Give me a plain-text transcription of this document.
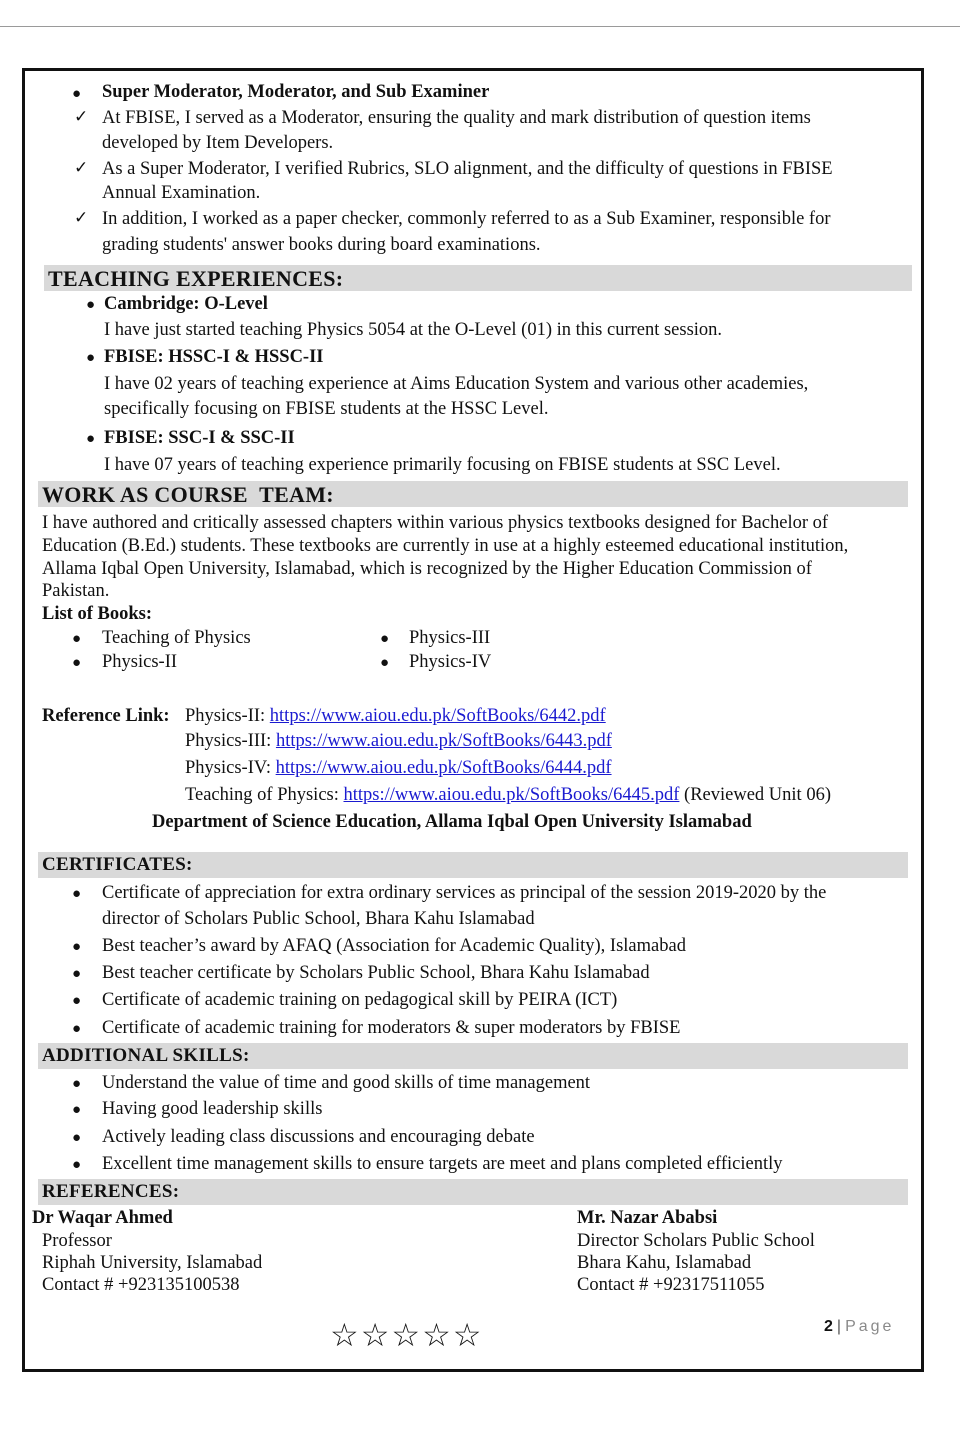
● Super Moderator, Moderator, and Sub Examiner
✓ At FBISE, I served as a Moderator, ensuring the quality and mark distribution of question items
developed by Item Developers.
✓ As a Super Moderator, I verified Rubrics, SLO alignment, and the difficulty of questions in FBISE
Annual Examination.
✓ In addition, I worked as a paper checker, commonly referred to as a Sub Examiner, responsible for
grading students' answer books during board examinations.
TEACHING EXPERIENCES:
● Cambridge: O-Level
I have just started teaching Physics 5054 at the O-Level (01) in this current session.
● FBISE: HSSC-I & HSSC-II
I have 02 years of teaching experience at Aims Education System and various other academies,
specifically focusing on FBISE students at the HSSC Level.
● FBISE: SSC-I & SSC-II
I have 07 years of teaching experience primarily focusing on FBISE students at SSC Level.
WORK AS COURSE  TEAM:
I have authored and critically assessed chapters within various physics textbooks designed for Bachelor of
Education (B.Ed.) students. These textbooks are currently in use at a highly esteemed educational institution,
Allama Iqbal Open University, Islamabad, which is recognized by the Higher Education Commission of
Pakistan.
List of Books:
● Teaching of Physics
● Physics-II
● Physics-III
● Physics-IV
Reference Link: Physics-II: https://www.aiou.edu.pk/SoftBooks/6442.pdf
Physics-III: https://www.aiou.edu.pk/SoftBooks/6443.pdf
Physics-IV: https://www.aiou.edu.pk/SoftBooks/6444.pdf
Teaching of Physics: https://www.aiou.edu.pk/SoftBooks/6445.pdf (Reviewed Unit 06)
Department of Science Education, Allama Iqbal Open University Islamabad
CERTIFICATES:
● Certificate of appreciation for extra ordinary services as principal of the session 2019-2020 by the
director of Scholars Public School, Bhara Kahu Islamabad
● Best teacher’s award by AFAQ (Association for Academic Quality), Islamabad
● Best teacher certificate by Scholars Public School, Bhara Kahu Islamabad
● Certificate of academic training on pedagogical skill by PEIRA (ICT)
● Certificate of academic training for moderators & super moderators by FBISE
ADDITIONAL SKILLS:
● Understand the value of time and good skills of time management
● Having good leadership skills
● Actively leading class discussions and encouraging debate
● Excellent time management skills to ensure targets are meet and plans completed efficiently
REFERENCES:
Dr Waqar Ahmed
Professor
Riphah University, Islamabad
Contact # +923135100538
Mr. Nazar Ababsi
Director Scholars Public School
Bhara Kahu, Islamabad
Contact # +92317511055
☆☆☆☆☆	2 | Page
